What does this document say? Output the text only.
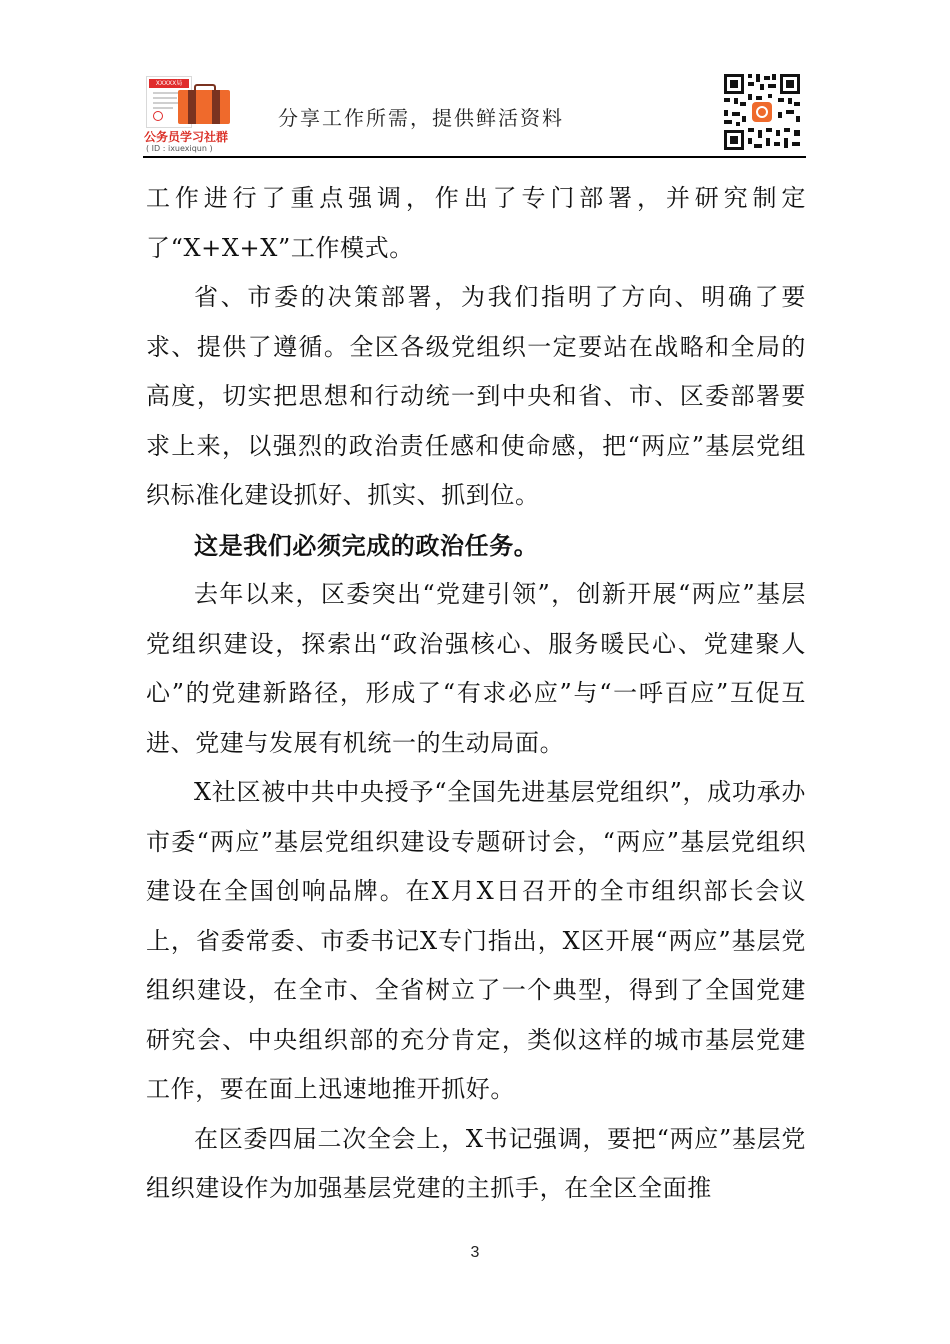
XXXXX局
公务员学习社群
( ID : ixuexiqun )
分享工作所需，提供鲜活资料

工作进行了重点强调，作出了专门部署，并研究制定了“X+X+X”工作模式。

省、市委的决策部署，为我们指明了方向、明确了要求、提供了遵循。全区各级党组织一定要站在战略和全局的高度，切实把思想和行动统一到中央和省、市、区委部署要求上来，以强烈的政治责任感和使命感，把“两应”基层党组织标准化建设抓好、抓实、抓到位。

这是我们必须完成的政治任务。

去年以来，区委突出“党建引领”，创新开展“两应”基层党组织建设，探索出“政治强核心、服务暖民心、党建聚人心”的党建新路径，形成了“有求必应”与“一呼百应”互促互进、党建与发展有机统一的生动局面。

X社区被中共中央授予“全国先进基层党组织”，成功承办市委“两应”基层党组织建设专题研讨会，“两应”基层党组织建设在全国创响品牌。在X月X日召开的全市组织部长会议上，省委常委、市委书记X专门指出，X区开展“两应”基层党组织建设，在全市、全省树立了一个典型，得到了全国党建研究会、中央组织部的充分肯定，类似这样的城市基层党建工作，要在面上迅速地推开抓好。

在区委四届二次全会上，X书记强调，要把“两应”基层党组织建设作为加强基层党建的主抓手，在全区全面推

3
